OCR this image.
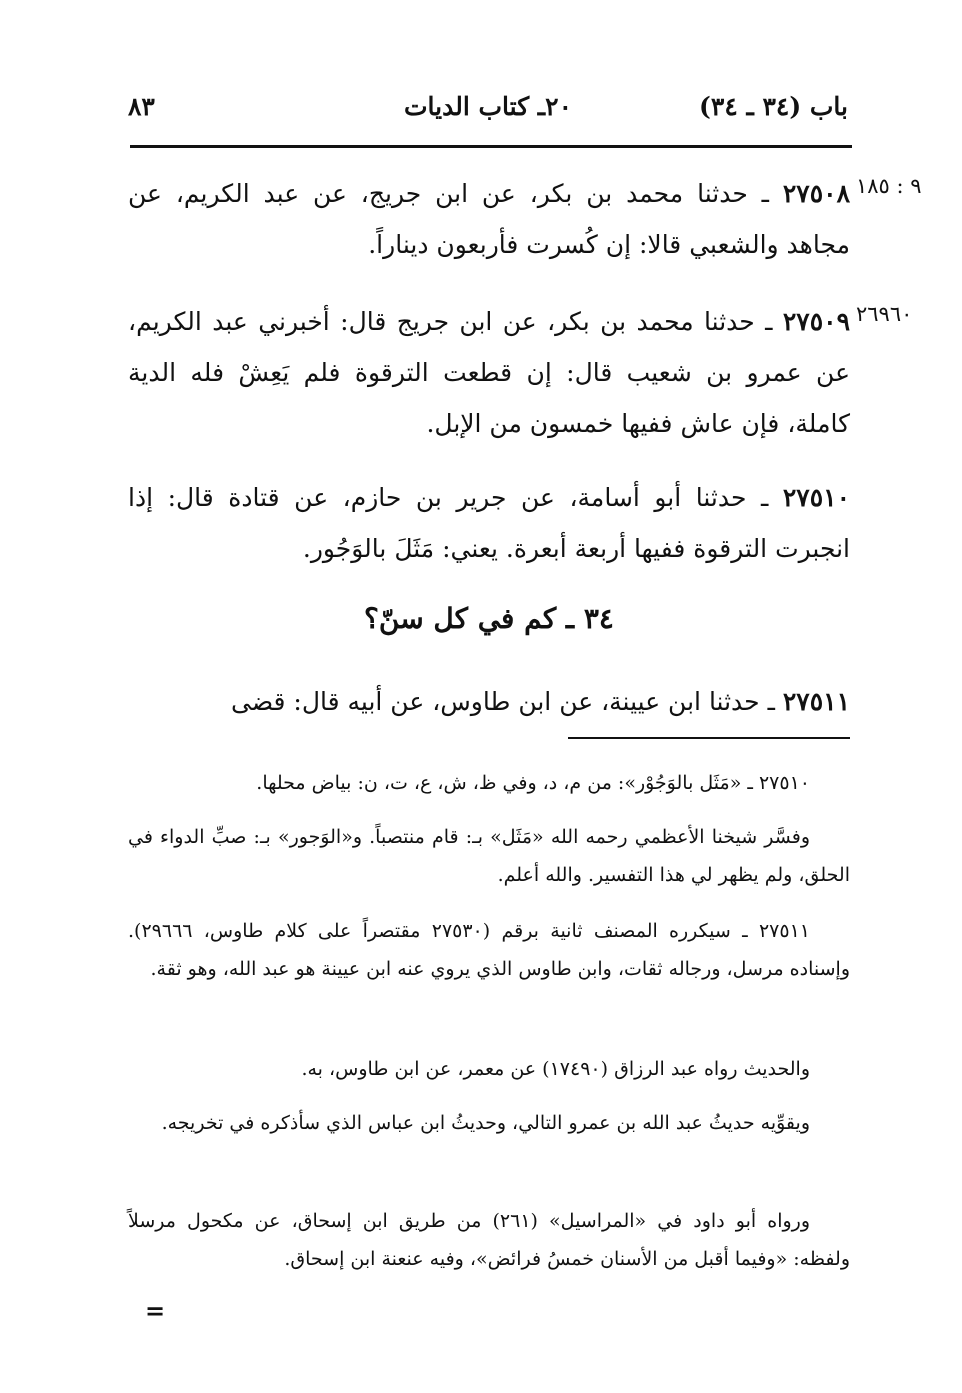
باب (٣٤ ـ ٣٤)
٢٠ـ كتاب الديات
٨٣
٩ : ١٨٥
٢٧٥٠٨ ـ حدثنا محمد بن بكر، عن ابن جريج، عن عبد الكريم، عن مجاهد والشعبي قالا: إن كُسرت فأربعون ديناراً.
٢٦٩٦٠
٢٧٥٠٩ ـ حدثنا محمد بن بكر، عن ابن جريج قال: أخبرني عبد الكريم، عن عمرو بن شعيب قال: إن قطعت الترقوة فلم يَعِشْ فله الدية كاملة، فإن عاش ففيها خمسون من الإبل.
٢٧٥١٠ ـ حدثنا أبو أسامة، عن جرير بن حازم، عن قتادة قال: إذا انجبرت الترقوة ففيها أربعة أبعرة. يعني: مَثَلَ بالوَجُور.
٣٤ ـ كم في كل سنّ؟
٢٧٥١١ ـ حدثنا ابن عيينة، عن ابن طاوس، عن أبيه قال: قضى
٢٧٥١٠ ـ «مَثَل بالوَجُوْر»: من م، د، وفي ظ، ش، ع، ت، ن: بياض محلها.
وفسَّر شيخنا الأعظمي رحمه الله «مَثَل» بـ: قام منتصباً. و«الوَجور» بـ: صبِّ الدواء في الحلق، ولم يظهر لي هذا التفسير. والله أعلم.
٢٧٥١١ ـ سيكرره المصنف ثانية برقم (٢٧٥٣٠ مقتصراً على كلام طاوس، ٢٩٦٦٦). وإسناده مرسل، ورجاله ثقات، وابن طاوس الذي يروي عنه ابن عيينة هو عبد الله، وهو ثقة.
والحديث رواه عبد الرزاق (١٧٤٩٠) عن معمر، عن ابن طاوس، به.
ويقوِّيه حديثُ عبد الله بن عمرو التالي، وحديثُ ابن عباس الذي سأذكره في تخريجه.
ورواه أبو داود في «المراسيل» (٢٦١) من طريق ابن إسحاق، عن مكحول مرسلاً ولفظه: «وفيما أقبل من الأسنان خمسُ فرائض»، وفيه عنعنة ابن إسحاق.
=
